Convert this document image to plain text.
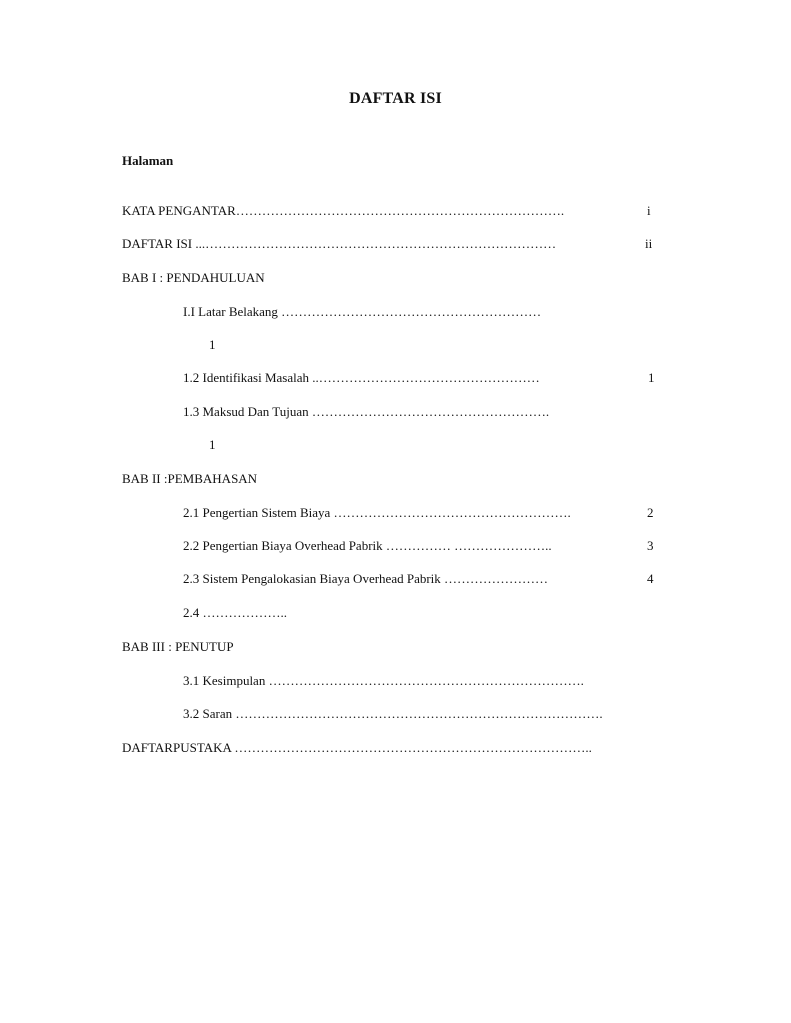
DAFTAR ISI
Halaman
KATA PENGANTAR………………………………………………………………….	i
DAFTAR ISI ...………………………………………………………………………	ii
BAB I : PENDAHULUAN
I.I Latar Belakang ……………………………………………………
1
1.2 Identifikasi Masalah ..……………………………………………	1
1.3 Maksud Dan Tujuan ……………………………………………….
1
BAB II :PEMBAHASAN
2.1 Pengertian Sistem Biaya ……………………………………………….	2
2.2 Pengertian Biaya Overhead Pabrik …………… …………………..	3
2.3 Sistem Pengalokasian Biaya Overhead Pabrik ……………………	4
2.4 ………………..
BAB III : PENUTUP
3.1 Kesimpulan ……………………………………………………………….
3.2 Saran ………………………………………………………………………….
DAFTARPUSTAKA ………………………………………………………………………..
